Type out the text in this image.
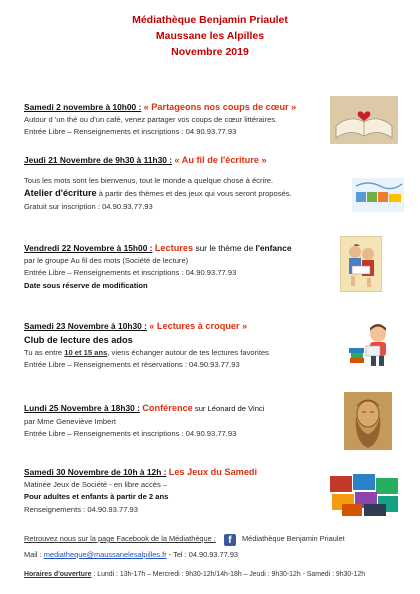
Médiathèque Benjamin Priaulet
Maussane les Alpilles
Novembre 2019
Samedi 2 novembre à 10h00 : « Partageons nos coups de cœur »
Autour d 'un thé ou d'un café, venez partager vos coups de cœur littéraires.
Entrée Libre – Renseignements et inscriptions : 04.90.93.77.93
Jeudi 21 Novembre de 9h30 à 11h30 : « Au fil de l'écriture »
Tous les mots sont les bienvenus, tout le monde a quelque chose à écrire.
Atelier d'écriture à partir des thèmes et des jeux qui vous seront proposés.
Gratuit sur inscription : 04.90.93.77.93
Vendredi 22 Novembre à 15h00 : Lectures sur le thème de l'enfance
par le groupe Au fil des mots (Société de lecture)
Entrée Libre – Renseignements et inscriptions : 04.90.93.77.93
Date sous réserve de modification
Samedi 23 Novembre à 10h30 : « Lectures à croquer »
Club de lecture des ados
Tu as entre 10 et 15 ans, viens échanger autour de tes lectures favorites
Entrée Libre – Renseignements et réservations : 04.90.93.77.93
Lundi 25 Novembre à 18h30 : Conférence sur Léonard de Vinci
par Mme Geneviève Imbert
Entrée Libre – Renseignements et inscriptions : 04.90.93.77.93
Samedi 30 Novembre de 10h à 12h : Les Jeux du Samedi
Matinée Jeux de Société - en libre accès –
Pour adultes et enfants à partir de 2 ans
Renseignements : 04.90.93.77.93
Retrouvez nous sur la page Facebook de la Médiathèque : f Médiathèque Benjamin Priaulet
Mail : mediatheque@maussanelesalpilles.fr - Tel : 04.90.93.77.93
Horaires d'ouverture : Lundi : 13h-17h – Mercredi : 9h30-12h/14h-18h – Jeudi : 9h30-12h - Samedi : 9h30-12h
